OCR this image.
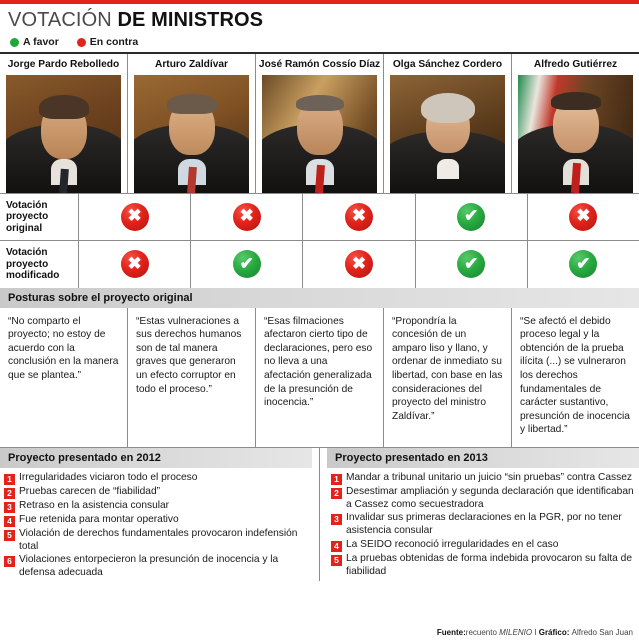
VOTACIÓN DE MINISTROS
A favor	En contra
Jorge Pardo Rebolledo	Arturo Zaldívar	José Ramón Cossío Díaz	Olga Sánchez Cordero	Alfredo Gutiérrez
Votación proyecto original
✖	✖	✖	✔	✖
Votación proyecto modificado
✖	✔	✖	✔	✔
Posturas sobre el proyecto original
“No comparto el proyecto; no estoy de acuerdo con la conclusión en la manera que se plantea.”
“Estas vulneraciones a sus derechos humanos son de tal manera graves que generaron un efecto corruptor en todo el proceso.”
“Esas filmaciones afectaron cierto tipo de declaraciones, pero eso no lleva a una afectación generalizada de la presunción de inocencia.”
“Propondría la concesión de un amparo liso y llano, y ordenar de inmediato su libertad, con base en las consideraciones del proyecto del ministro Zaldívar.”
“Se afectó el debido proceso legal y la obtención de la prueba ilícita (...) se vulneraron los derechos fundamentales de carácter sustantivo, presunción de inocencia y libertad.”
Proyecto presentado en 2012
1 Irregularidades viciaron todo el proceso
2 Pruebas carecen de “fiabilidad”
3 Retraso en la asistencia consular
4 Fue retenida para montar operativo
5 Violación de derechos fundamentales provocaron indefensión total
6 Violaciones entorpecieron la presunción de inocencia y la defensa adecuada
Proyecto presentado en 2013
1 Mandar a tribunal unitario un juicio “sin pruebas” contra Cassez
2 Desestimar ampliación y segunda declaración que identificaban a Cassez como secuestradora
3 Invalidar sus primeras declaraciones en la PGR, por no tener asistencia consular
4 La SEIDO reconoció irregularidades en el caso
5 La pruebas obtenidas de forma indebida provocaron su falta de fiabilidad
Fuente:recuento MILENIO I Gráfico: Alfredo San Juan
